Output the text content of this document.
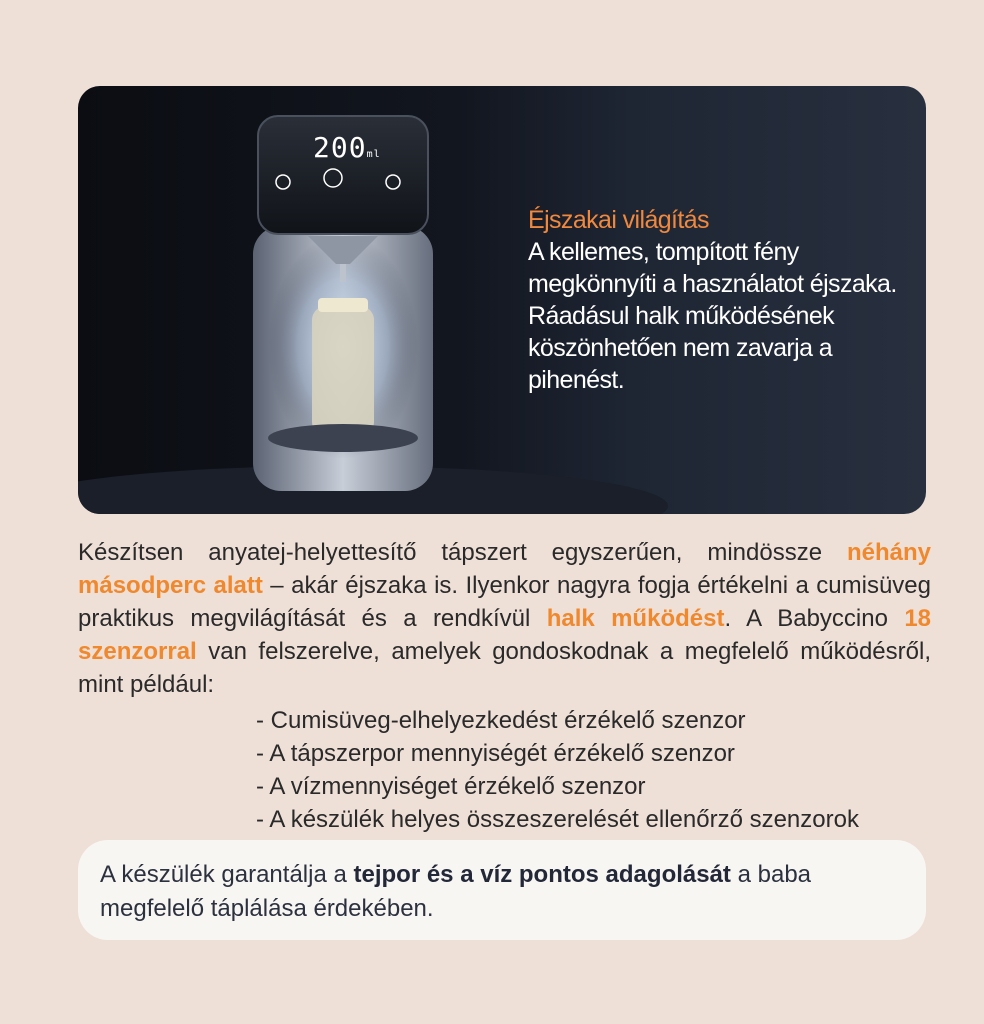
200ml
Éjszakai világítás
A kellemes, tompított fény megkönnyíti a használatot éjszaka. Ráadásul halk működésének köszönhetően nem zavarja a pihenést.
Készítsen anyatej-helyettesítő tápszert egyszerűen, mindössze néhány másodperc alatt – akár éjszaka is. Ilyenkor nagyra fogja értékelni a cumisüveg praktikus megvilágítását és a rendkívül halk működést. A Babyccino 18 szenzorral van felszerelve, amelyek gondoskodnak a megfelelő működésről, mint például:
- Cumisüveg-elhelyezkedést érzékelő szenzor
- A tápszerpor mennyiségét érzékelő szenzor
- A vízmennyiséget érzékelő szenzor
- A készülék helyes összeszerelését ellenőrző szenzorok
A készülék garantálja a tejpor és a víz pontos adagolását a baba megfelelő táplálása érdekében.
